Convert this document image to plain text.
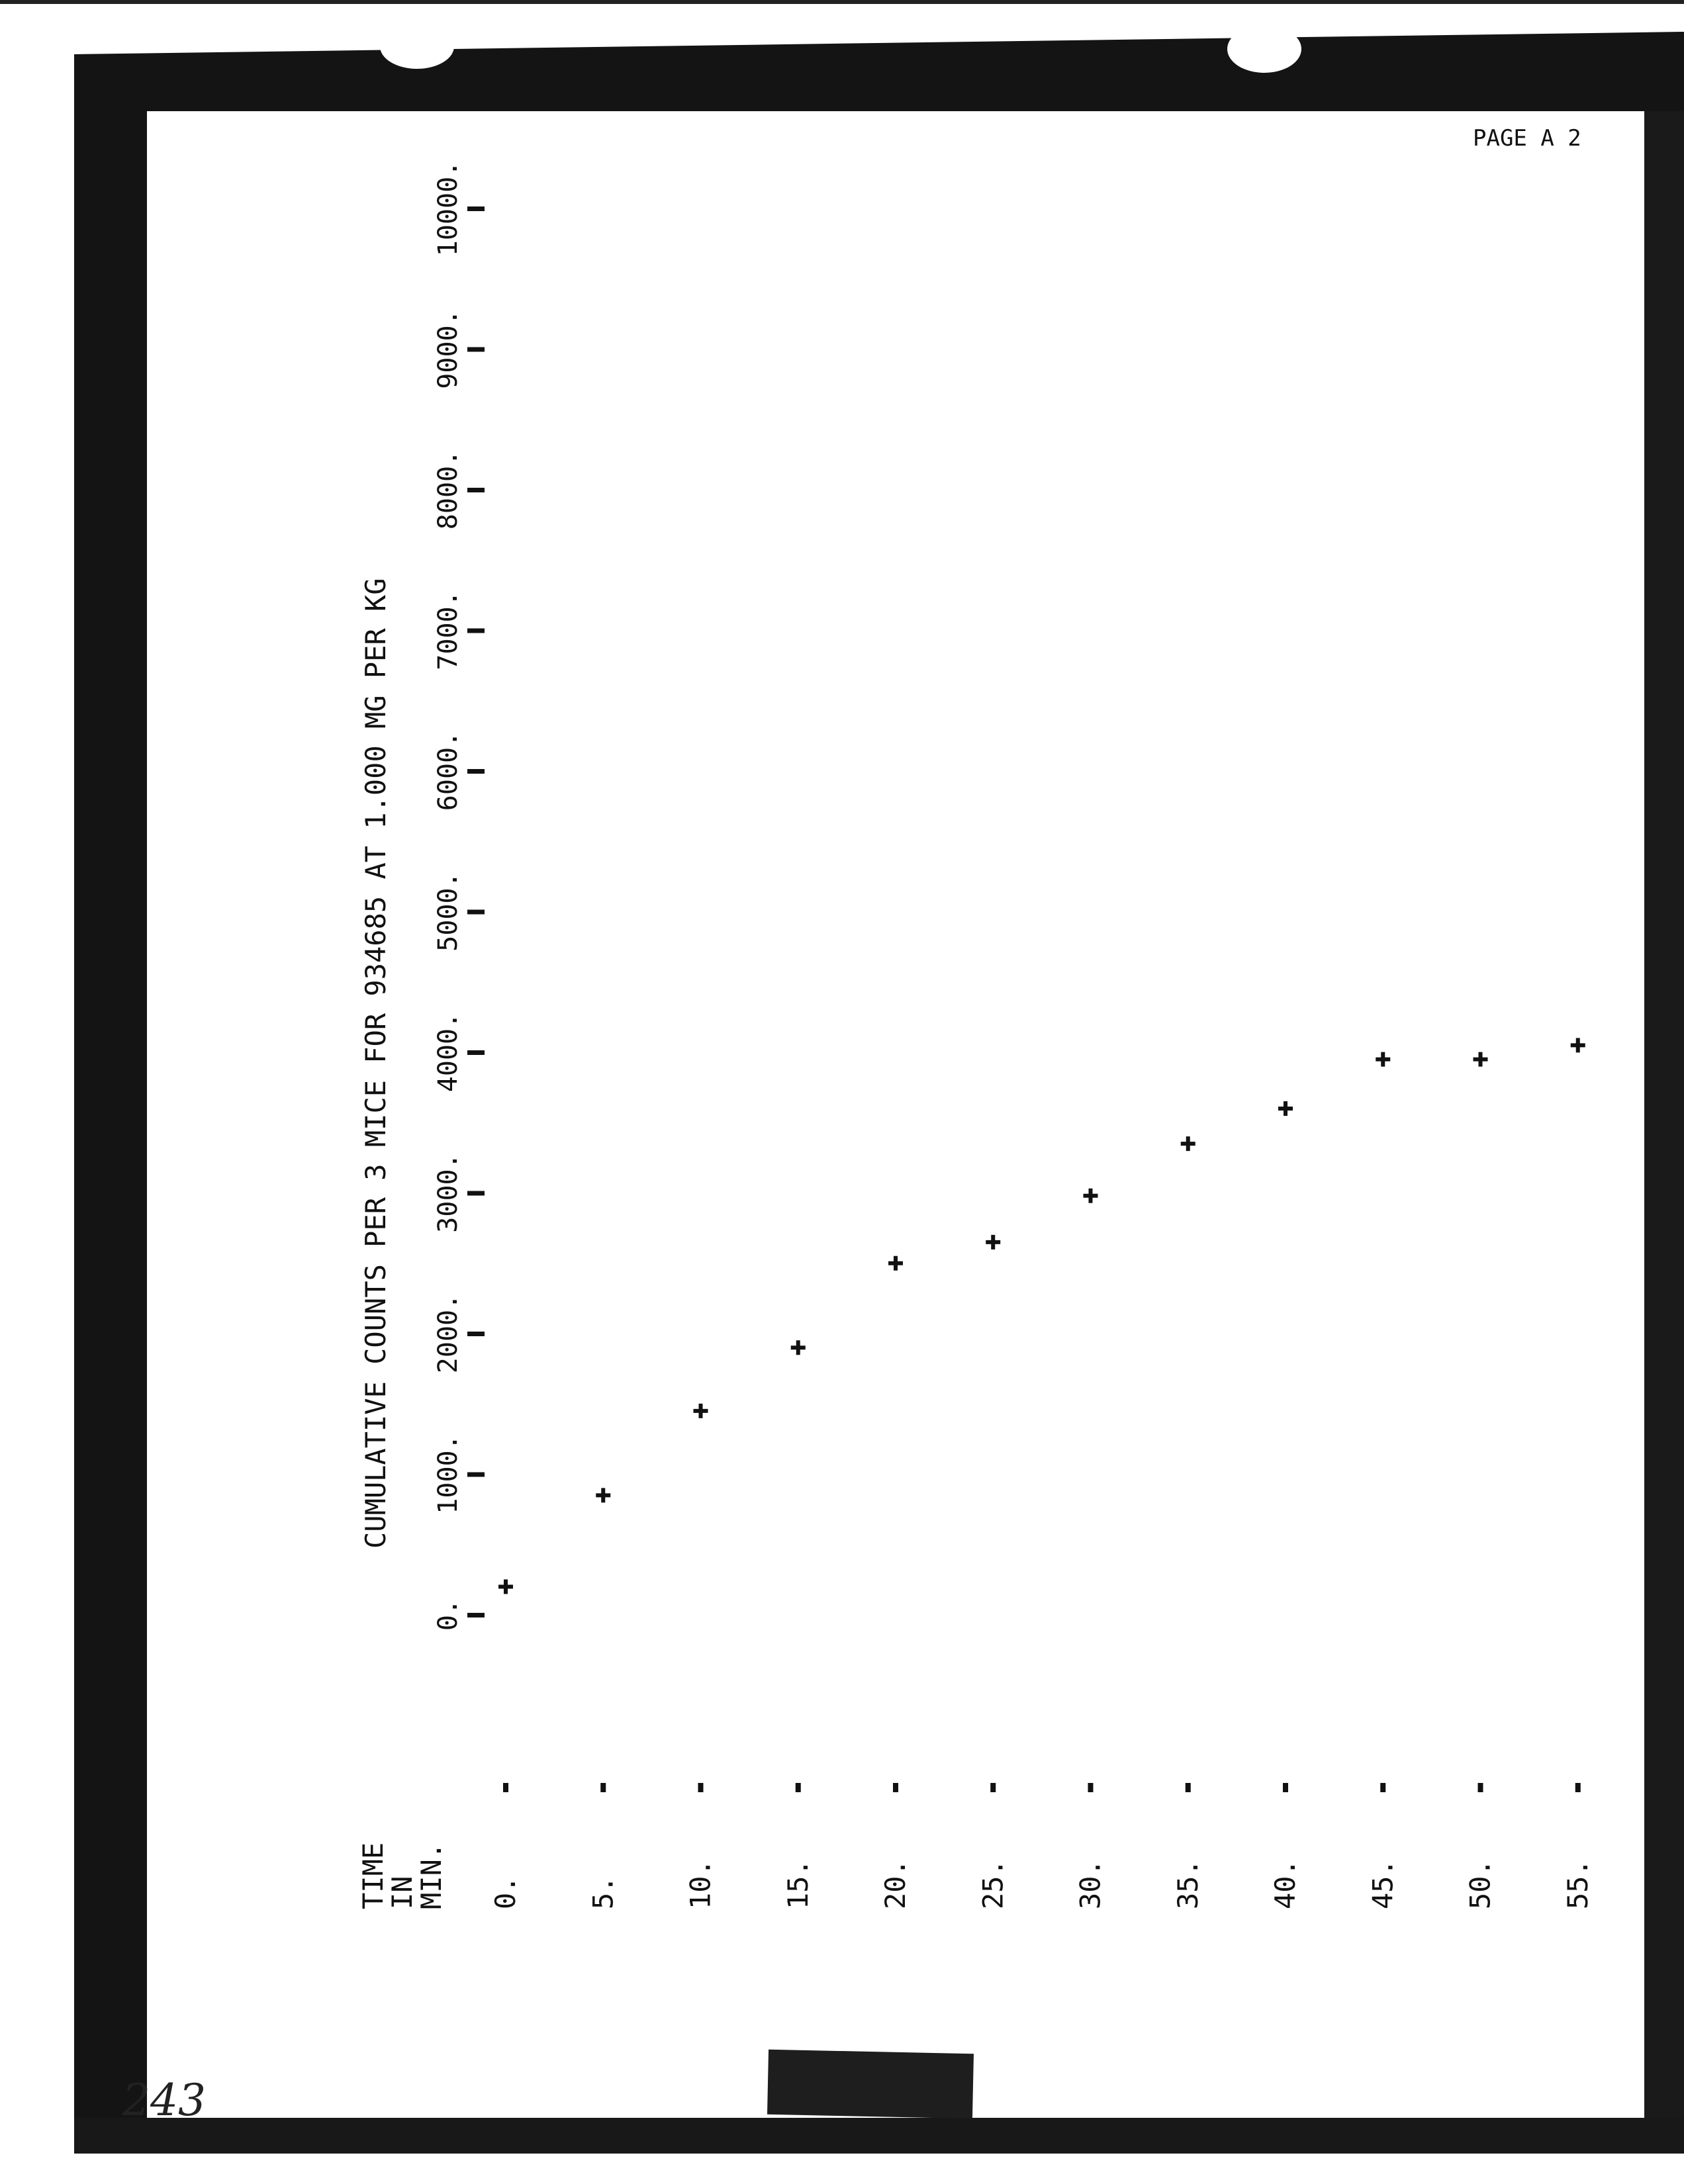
PAGE A 2
CUMULATIVE COUNTS PER 3 MICE FOR 934685 AT 1.000 MG PER KG
TIME
IN
MIN.
0.
1000.
2000.
3000.
4000.
5000.
6000.
7000.
8000.
9000.
10000.
0. 5. 10. 15. 20. 25. 30. 35. 40. 45. 50. 55.
243
